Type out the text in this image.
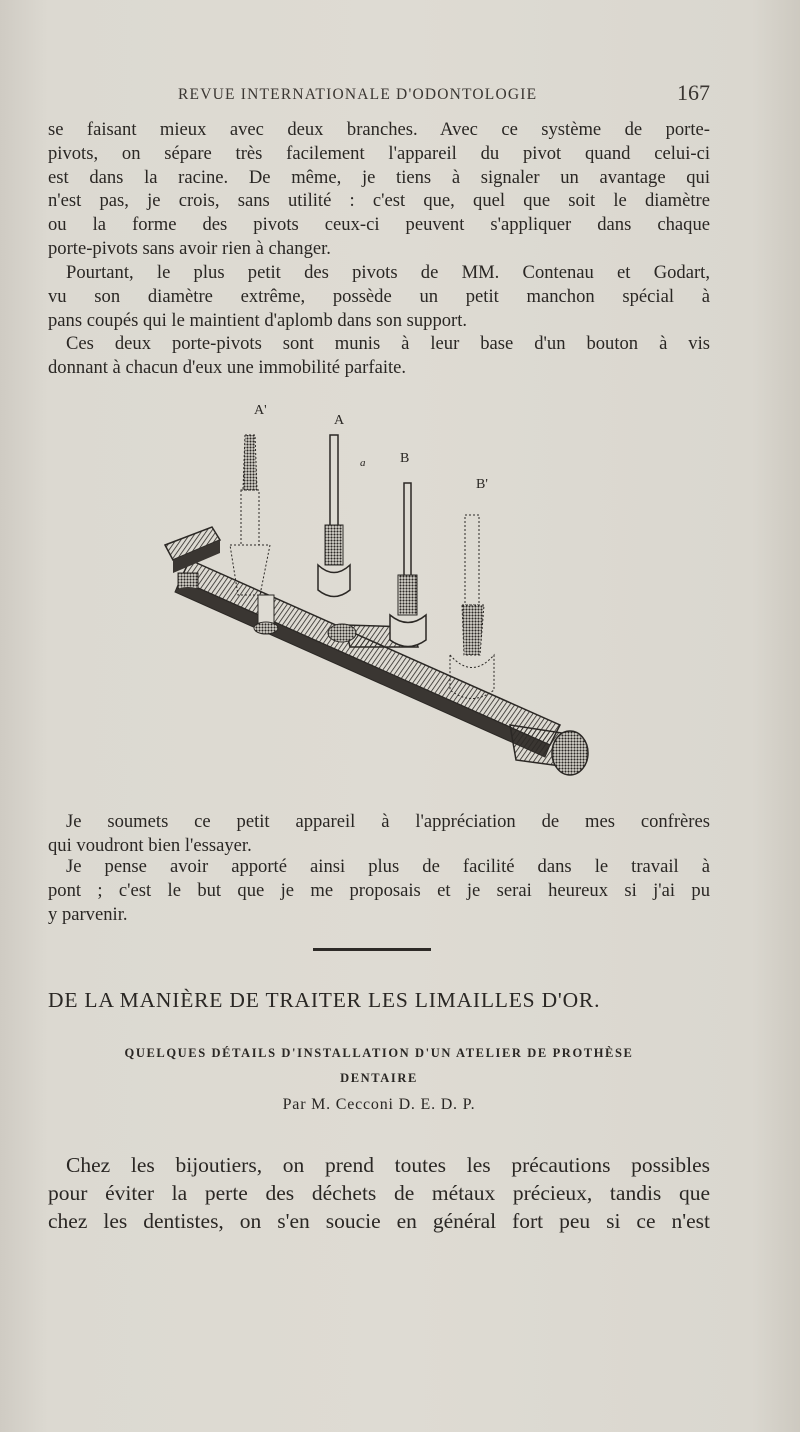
REVUE INTERNATIONALE D'ODONTOLOGIE	167

se faisant mieux avec deux branches. Avec ce système de porte-
pivots, on sépare très facilement l'appareil du pivot quand celui-ci
est dans la racine. De même, je tiens à signaler un avantage qui
n'est pas, je crois, sans utilité : c'est que, quel que soit le diamètre
ou la forme des pivots ceux-ci peuvent s'appliquer dans chaque
porte-pivots sans avoir rien à changer.

Pourtant, le plus petit des pivots de MM. Contenau et Godart,
vu son diamètre extrême, possède un petit manchon spécial à
pans coupés qui le maintient d'aplomb dans son support.

Ces deux porte-pivots sont munis à leur base d'un bouton à vis
donnant à chacun d'eux une immobilité parfaite.

A'
A
a B
B'

Je soumets ce petit appareil à l'appréciation de mes confrères
qui voudront bien l'essayer.

Je pense avoir apporté ainsi plus de facilité dans le travail à
pont ; c'est le but que je me proposais et je serai heureux si j'ai pu
y parvenir.

DE LA MANIÈRE DE TRAITER LES LIMAILLES D'OR.
QUELQUES DÉTAILS D'INSTALLATION D'UN ATELIER DE PROTHÈSE
DENTAIRE
Par M. Cecconi D. E. D. P.

Chez les bijoutiers, on prend toutes les précautions possibles
pour éviter la perte des déchets de métaux précieux, tandis que
chez les dentistes, on s'en soucie en général fort peu si ce n'est
